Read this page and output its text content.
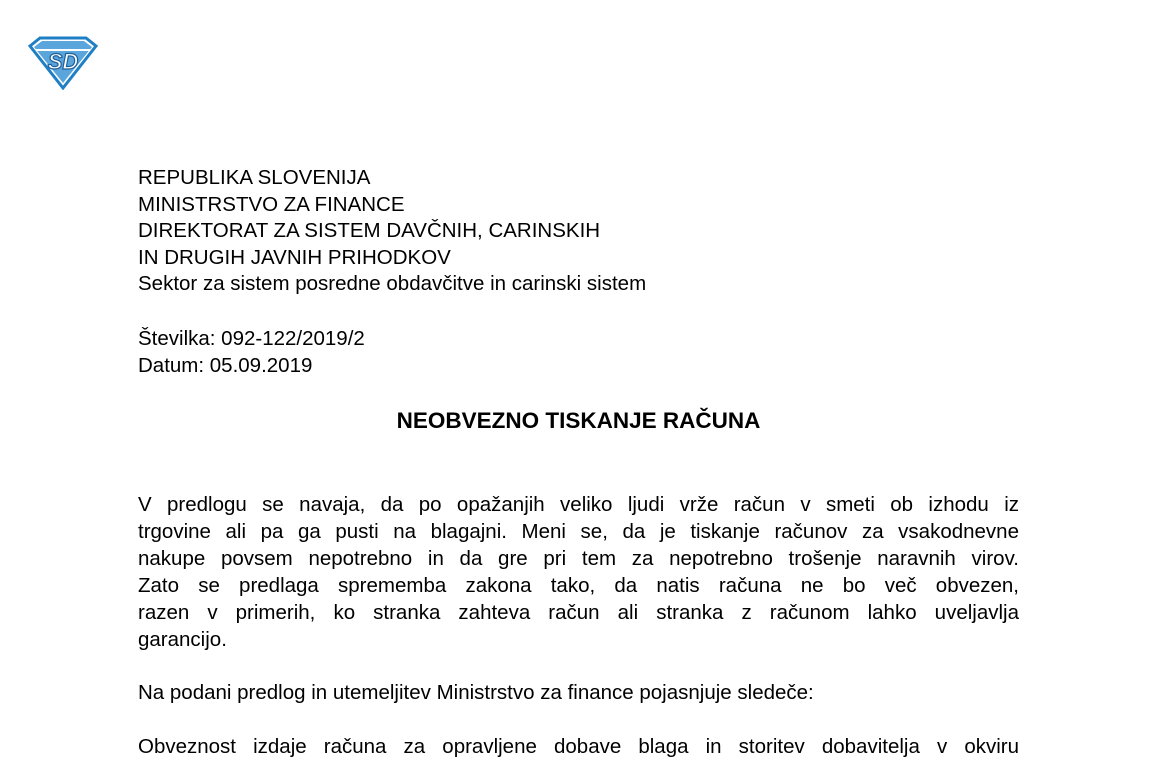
SD
REPUBLIKA SLOVENIJA
MINISTRSTVO ZA FINANCE
DIREKTORAT ZA SISTEM DAVČNIH, CARINSKIH
IN DRUGIH JAVNIH PRIHODKOV
Sektor za sistem posredne obdavčitve in carinski sistem
Številka: 092-122/2019/2
Datum: 05.09.2019
NEOBVEZNO TISKANJE RAČUNA
V predlogu se navaja, da po opažanjih veliko ljudi vrže račun v smeti ob izhodu iz
trgovine ali pa ga pusti na blagajni. Meni se, da je tiskanje računov za vsakodnevne
nakupe povsem nepotrebno in da gre pri tem za nepotrebno trošenje naravnih virov.
Zato se predlaga sprememba zakona tako, da natis računa ne bo več obvezen,
razen v primerih, ko stranka zahteva račun ali stranka z računom lahko uveljavlja
garancijo.
Na podani predlog in utemeljitev Ministrstvo za finance pojasnjuje sledeče:
Obveznost izdaje računa za opravljene dobave blaga in storitev dobavitelja v okviru
